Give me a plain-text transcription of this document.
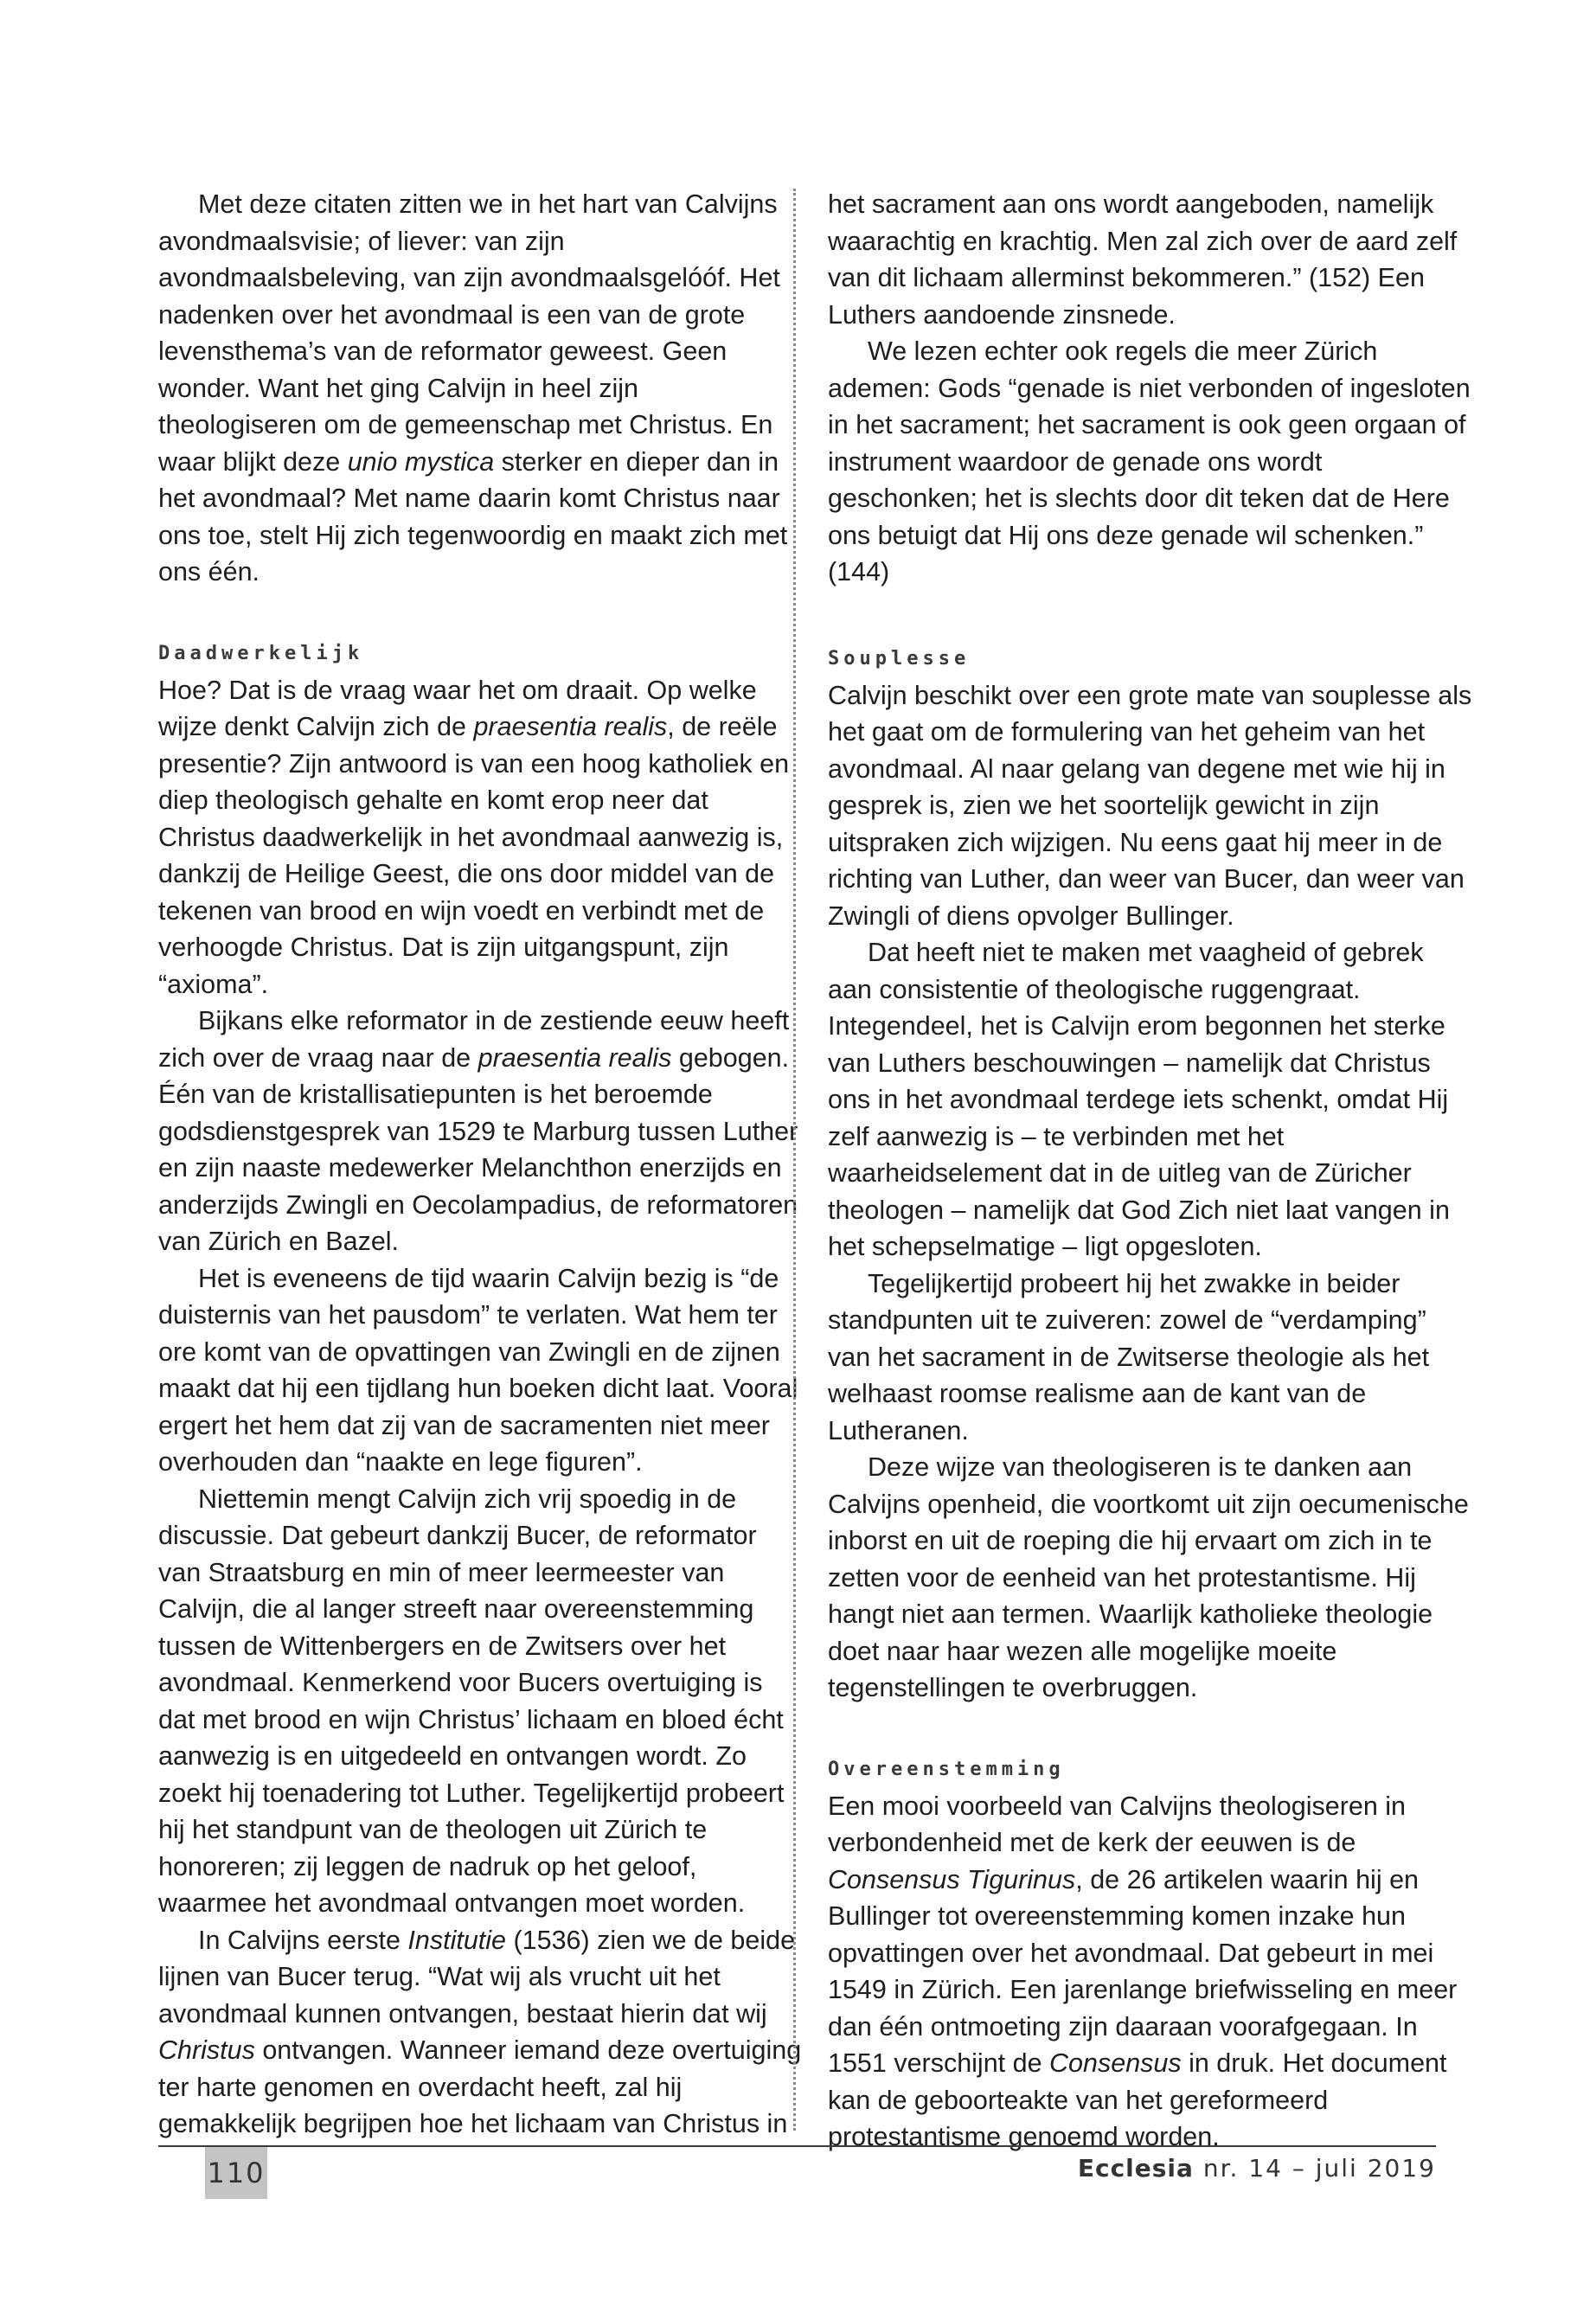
Met deze citaten zitten we in het hart van Calvijns avondmaalsvisie; of liever: van zijn avondmaalsbeleving, van zijn avondmaalsgelóóf. Het nadenken over het avondmaal is een van de grote levensthema’s van de reformator geweest. Geen wonder. Want het ging Calvijn in heel zijn theologiseren om de gemeenschap met Christus. En waar blijkt deze unio mystica sterker en dieper dan in het avondmaal? Met name daarin komt Christus naar ons toe, stelt Hij zich tegenwoordig en maakt zich met ons één.

Daadwerkelijk

Hoe? Dat is de vraag waar het om draait. Op welke wijze denkt Calvijn zich de praesentia realis, de reële presentie? Zijn antwoord is van een hoog katholiek en diep theologisch gehalte en komt erop neer dat Christus daadwerkelijk in het avondmaal aanwezig is, dankzij de Heilige Geest, die ons door middel van de tekenen van brood en wijn voedt en verbindt met de verhoogde Christus. Dat is zijn uitgangspunt, zijn “axioma”.

Bijkans elke reformator in de zestiende eeuw heeft zich over de vraag naar de praesentia realis gebogen. Één van de kristallisatiepunten is het beroemde godsdienstgesprek van 1529 te Marburg tussen Luther en zijn naaste medewerker Melanchthon enerzijds en anderzijds Zwingli en Oecolampadius, de reformatoren van Zürich en Bazel.

Het is eveneens de tijd waarin Calvijn bezig is “de duisternis van het pausdom” te verlaten. Wat hem ter ore komt van de opvattingen van Zwingli en de zijnen maakt dat hij een tijdlang hun boeken dicht laat. Vooral ergert het hem dat zij van de sacramenten niet meer overhouden dan “naakte en lege figuren”.

Niettemin mengt Calvijn zich vrij spoedig in de discussie. Dat gebeurt dankzij Bucer, de reformator van Straatsburg en min of meer leermeester van Calvijn, die al langer streeft naar overeenstemming tussen de Wittenbergers en de Zwitsers over het avondmaal. Kenmerkend voor Bucers overtuiging is dat met brood en wijn Christus’ lichaam en bloed écht aanwezig is en uitgedeeld en ontvangen wordt. Zo zoekt hij toenadering tot Luther. Tegelijkertijd probeert hij het standpunt van de theologen uit Zürich te honoreren; zij leggen de nadruk op het geloof, waarmee het avondmaal ontvangen moet worden.

In Calvijns eerste Institutie (1536) zien we de beide lijnen van Bucer terug. “Wat wij als vrucht uit het avondmaal kunnen ontvangen, bestaat hierin dat wij Christus ontvangen. Wanneer iemand deze overtuiging ter harte genomen en overdacht heeft, zal hij gemakkelijk begrijpen hoe het lichaam van Christus in

het sacrament aan ons wordt aangeboden, namelijk waarachtig en krachtig. Men zal zich over de aard zelf van dit lichaam allerminst bekommeren.” (152) Een Luthers aandoende zinsnede.

We lezen echter ook regels die meer Zürich ademen: Gods “genade is niet verbonden of ingesloten in het sacrament; het sacrament is ook geen orgaan of instrument waardoor de genade ons wordt geschonken; het is slechts door dit teken dat de Here ons betuigt dat Hij ons deze genade wil schenken.” (144)

Souplesse

Calvijn beschikt over een grote mate van souplesse als het gaat om de formulering van het geheim van het avondmaal. Al naar gelang van degene met wie hij in gesprek is, zien we het soortelijk gewicht in zijn uitspraken zich wijzigen. Nu eens gaat hij meer in de richting van Luther, dan weer van Bucer, dan weer van Zwingli of diens opvolger Bullinger.

Dat heeft niet te maken met vaagheid of gebrek aan consistentie of theologische ruggengraat. Integendeel, het is Calvijn erom begonnen het sterke van Luthers beschouwingen – namelijk dat Christus ons in het avondmaal terdege iets schenkt, omdat Hij zelf aanwezig is – te verbinden met het waarheidselement dat in de uitleg van de Züricher theologen – namelijk dat God Zich niet laat vangen in het schepselmatige – ligt opgesloten.

Tegelijkertijd probeert hij het zwakke in beider standpunten uit te zuiveren: zowel de “verdamping” van het sacrament in de Zwitserse theologie als het welhaast roomse realisme aan de kant van de Lutheranen.

Deze wijze van theologiseren is te danken aan Calvijns openheid, die voortkomt uit zijn oecumenische inborst en uit de roeping die hij ervaart om zich in te zetten voor de eenheid van het protestantisme. Hij hangt niet aan termen. Waarlijk katholieke theologie doet naar haar wezen alle mogelijke moeite tegenstellingen te overbruggen.

Overeenstemming

Een mooi voorbeeld van Calvijns theologiseren in verbondenheid met de kerk der eeuwen is de Consensus Tigurinus, de 26 artikelen waarin hij en Bullinger tot overeenstemming komen inzake hun opvattingen over het avondmaal. Dat gebeurt in mei 1549 in Zürich. Een jarenlange briefwisseling en meer dan één ontmoeting zijn daaraan voorafgegaan. In 1551 verschijnt de Consensus in druk. Het document kan de geboorteakte van het gereformeerd protestantisme genoemd worden.

110	Ecclesia nr. 14 – juli 2019
